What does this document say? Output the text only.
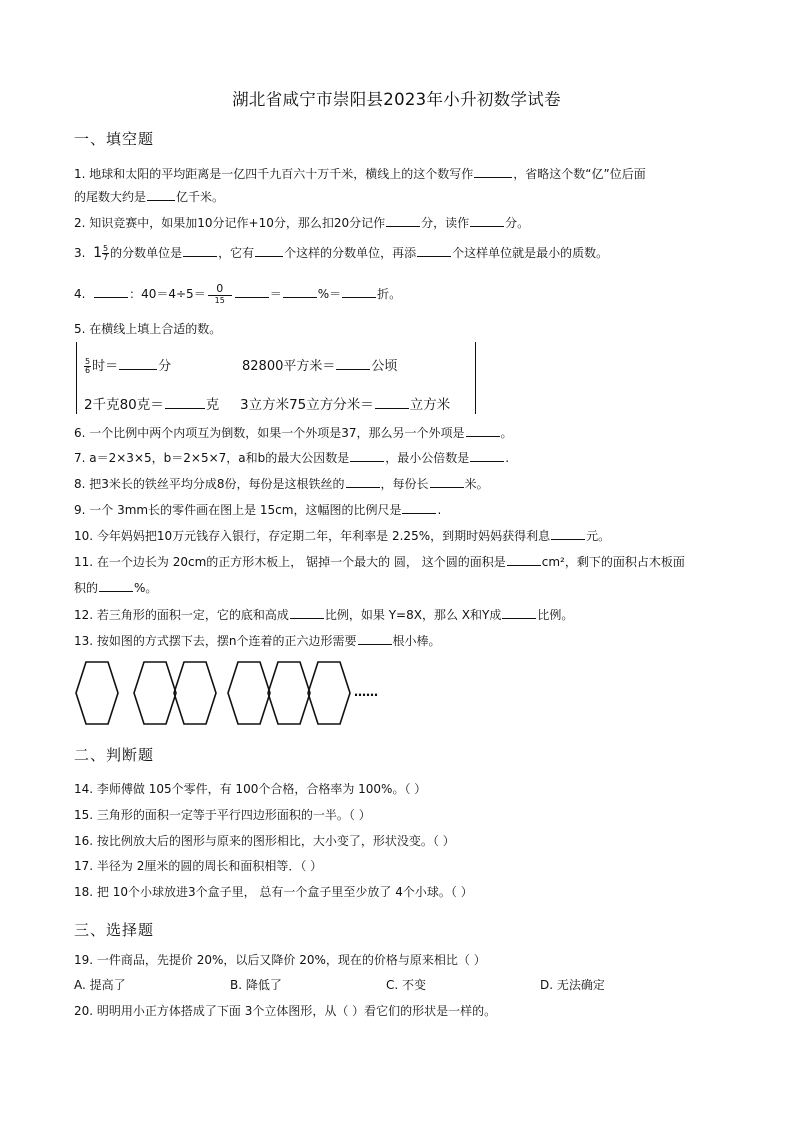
湖北省咸宁市崇阳县2023年小升初数学试卷
一、填空题
1. 地球和太阳的平均距离是一亿四千九百六十万千米，横线上的这个数写作	，省略这个数“亿”位后面
的尾数大约是	亿千米。
2. 知识竞赛中，如果加10分记作+10分，那么扣20分记作	分，读作	分。
3. $1 \frac{5}{7}$ 的分数单位是	，它有	个这样的分数单位，再添	个这样单位就是最小的质数。
4.	：$40=4\div 5= \frac{0}{15}$	＝	%＝	折。
5. 在横线上填上合适的数。
$\frac{5}{6}$ 时＝	分	82800平方米＝	公顷
2千克80克＝	克 3立方米75立方分米＝	立方米
6. 一个比例中两个内项互为倒数，如果一个外项是37，那么另一个外项是	。
7. a＝2×3×5，b＝2×5×7，a和b的最大公因数是	，最小公倍数是	.
8. 把3米长的铁丝平均分成8份，每份是这根铁丝的	，每份长	米。
9. 一个 3mm长的零件画在图上是 15cm，这幅图的比例尺是	.
10. 今年妈妈把10万元钱存入银行，存定期二年，年利率是 2.25%，到期时妈妈获得利息	元。
11. 在一个边长为 20cm的正方形木板上， 锯掉一个最大的 圆， 这个圆的面积是	cm²，剩下的面积占木板面
积的	%。
12. 若三角形的面积一定，它的底和高成	比例，如果 Y=8X，那么 X和Y成	比例。
13. 按如图的方式摆下去，摆n个连着的正六边形需要	根小棒。
……
二、判断题
14. 李师傅做 105个零件，有 100个合格，合格率为 100%。（ ）
15. 三角形的面积一定等于平行四边形面积的一半。（ ）
16. 按比例放大后的图形与原来的图形相比，大小变了，形状没变。（ ）
17. 半径为 2厘米的圆的周长和面积相等．（ ）
18. 把 10个小球放进3个盒子里， 总有一个盒子里至少放了 4个小球。（ ）
三、选择题
19. 一件商品，先提价 20%，以后又降价 20%，现在的价格与原来相比（ ）
A. 提高了	B. 降低了	C. 不变	D. 无法确定
20. 明明用小正方体搭成了下面 3个立体图形，从（ ）看它们的形状是一样的。
